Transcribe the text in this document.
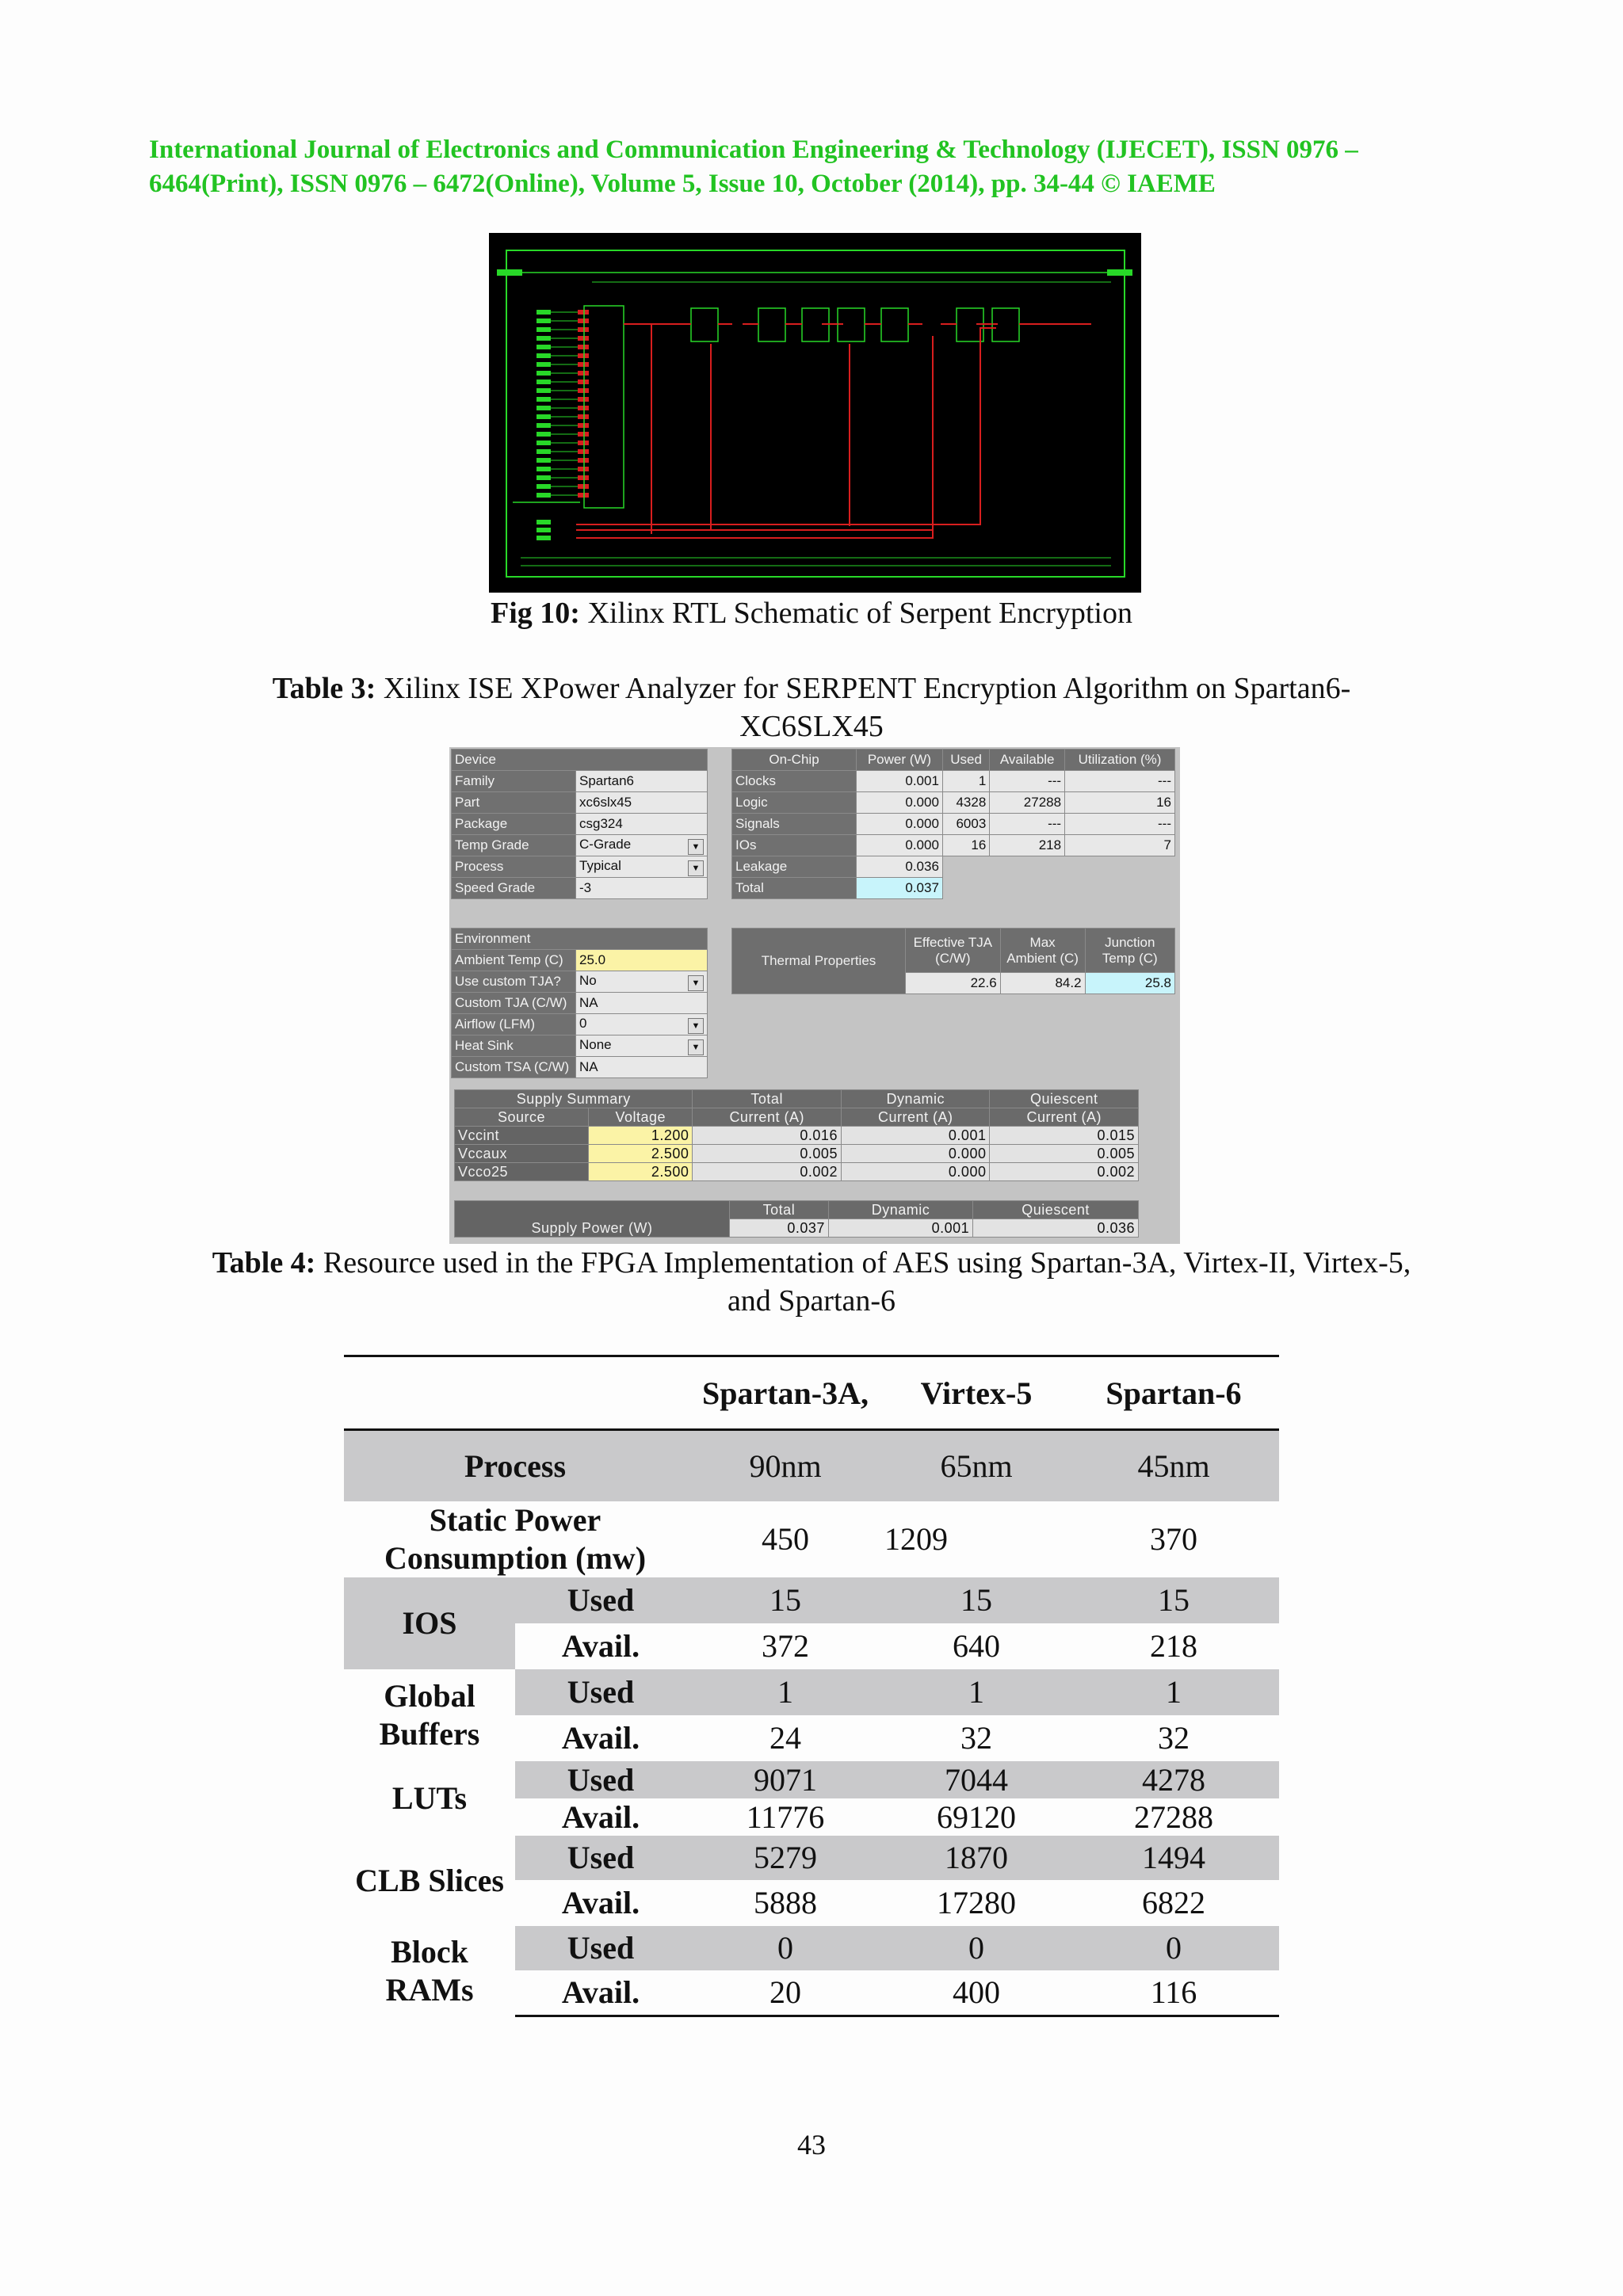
International Journal of Electronics and Communication Engineering & Technology (IJECET), ISSN 0976 –
6464(Print), ISSN 0976 – 6472(Online), Volume 5, Issue 10, October (2014), pp. 34-44 © IAEME
Fig 10: Xilinx RTL Schematic of Serpent Encryption
Table 3: Xilinx ISE XPower Analyzer for SERPENT Encryption Algorithm on Spartan6-
XC6SLX45
Device	
Family	Spartan6
Part	xc6slx45
Package	csg324
Temp Grade	C-Grade ▼

Process	Typical ▼

Speed Grade	-3
On-Chip	Power (W)	Used	Available	Utilization (%)
Clocks	0.001	1	---	---
Logic	0.000	4328	27288	16
Signals	0.000	6003	---	---
IOs	0.000	16	218	7
Leakage	0.036			
Total	0.037			
Environment	
Ambient Temp (C)	25.0
Use custom TJA?	No ▼

Custom TJA (C/W)	NA
Airflow (LFM)	0 ▼

Heat Sink	None ▼

Custom TSA (C/W)	NA
Thermal Properties	Effective TJA (C/W)	Max Ambient (C)	Junction Temp (C)
	22.6	84.2	25.8
Supply Summary		Total	Dynamic	Quiescent
Source	Voltage	Current (A)	Current (A)	Current (A)
Vccint	1.200	0.016	0.001	0.015
Vccaux	2.500	0.005	0.000	0.005
Vcco25	2.500	0.002	0.000	0.002
Supply Power (W)	Total	Dynamic	Quiescent
	0.037	0.001	0.036
Table 4: Resource used in the FPGA Implementation of AES using Spartan-3A, Virtex-II, Virtex-5,
and Spartan-6
		Spartan-3A,	Virtex-5	Spartan-6
Process		90nm	65nm	45nm
Static Power Consumption (mw)		450	1209	370
IOS	Used	15	15	15
	Avail.	372	640	218
Global Buffers	Used	1	1	1
	Avail.	24	32	32
LUTs	Used	9071	7044	4278
	Avail.	11776	69120	27288
CLB Slices	Used	5279	1870	1494
	Avail.	5888	17280	6822
Block RAMs	Used	0	0	0
	Avail.	20	400	116
43
